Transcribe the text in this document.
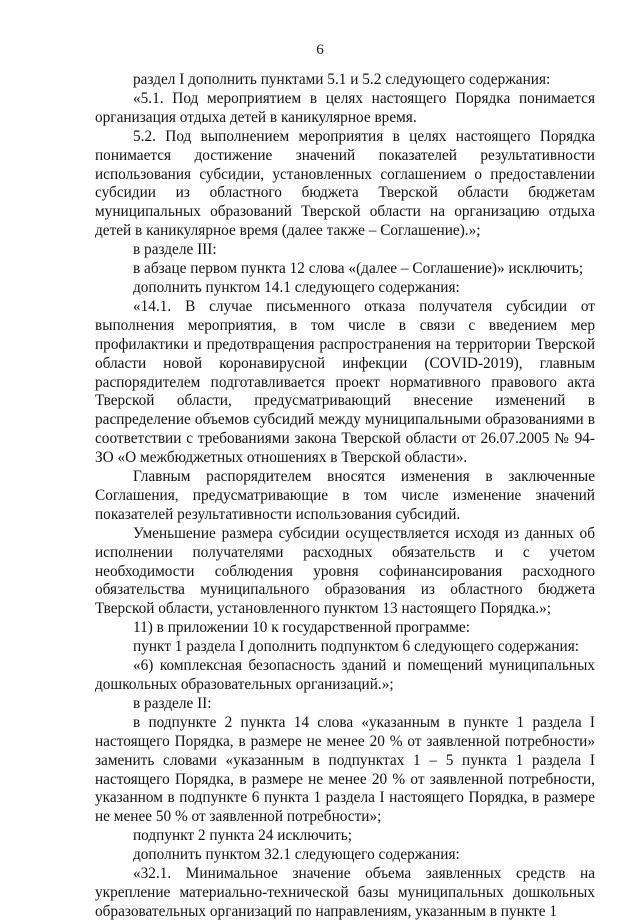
6

раздел I дополнить пунктами 5.1 и 5.2 следующего содержания:

«5.1. Под мероприятием в целях настоящего Порядка понимается организация отдыха детей в каникулярное время.

5.2. Под выполнением мероприятия в целях настоящего Порядка понимается достижение значений показателей результативности использования субсидии, установленных соглашением о предоставлении субсидии из областного бюджета Тверской области бюджетам муниципальных образований Тверской области на организацию отдыха детей в каникулярное время (далее также – Соглашение).»;

в разделе III:

в абзаце первом пункта 12 слова «(далее – Соглашение)» исключить;

дополнить пунктом 14.1 следующего содержания:

«14.1. В случае письменного отказа получателя субсидии от выполнения мероприятия, в том числе в связи с введением мер профилактики и предотвращения распространения на территории Тверской области новой коронавирусной инфекции (COVID-2019), главным распорядителем подготавливается проект нормативного правового акта Тверской области, предусматривающий внесение изменений в распределение объемов субсидий между муниципальными образованиями в соответствии с требованиями закона Тверской области от 26.07.2005 № 94-ЗО «О межбюджетных отношениях в Тверской области».

Главным распорядителем вносятся изменения в заключенные Соглашения, предусматривающие в том числе изменение значений показателей результативности использования субсидий.

Уменьшение размера субсидии осуществляется исходя из данных об исполнении получателями расходных обязательств и с учетом необходимости соблюдения уровня софинансирования расходного обязательства муниципального образования из областного бюджета Тверской области, установленного пунктом 13 настоящего Порядка.»;

11) в приложении 10 к государственной программе:

пункт 1 раздела I дополнить подпунктом 6 следующего содержания:

«6) комплексная безопасность зданий и помещений муниципальных дошкольных образовательных организаций.»;

в разделе II:

в подпункте 2 пункта 14 слова «указанным в пункте 1 раздела I настоящего Порядка, в размере не менее 20 % от заявленной потребности» заменить словами «указанным в подпунктах 1 – 5 пункта 1 раздела I настоящего Порядка, в размере не менее 20 % от заявленной потребности, указанном в подпункте 6 пункта 1 раздела I настоящего Порядка, в размере не менее 50 % от заявленной потребности»;

подпункт 2 пункта 24 исключить;

дополнить пунктом 32.1 следующего содержания:

«32.1. Минимальное значение объема заявленных средств на укрепление материально-технической базы муниципальных дошкольных образовательных организаций по направлениям, указанным в пункте 1
